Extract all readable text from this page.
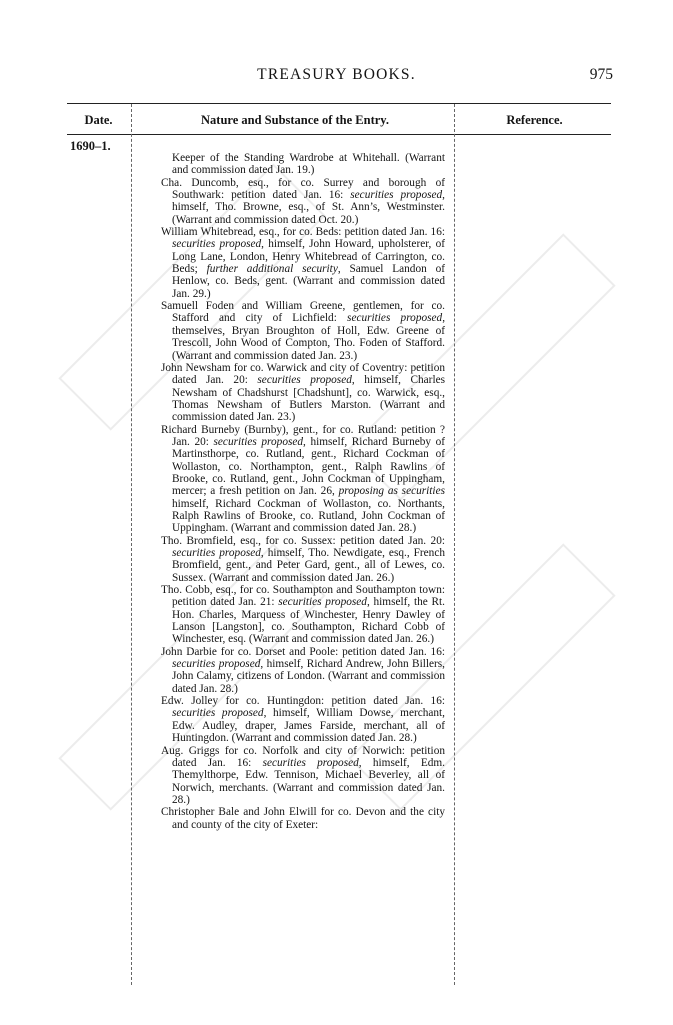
TREASURY BOOKS.	975
Date.	Nature and Substance of the Entry.	Reference.
1690–1.

Keeper of the Standing Wardrobe at Whitehall. (Warrant and commission dated Jan. 19.)

Cha. Duncomb, esq., for co. Surrey and borough of Southwark: petition dated Jan. 16: securities proposed, himself, Tho. Browne, esq., of St. Ann’s, Westminster. (Warrant and commission dated Oct. 20.)

William Whitebread, esq., for co. Beds: petition dated Jan. 16: securities proposed, himself, John Howard, upholsterer, of Long Lane, London, Henry Whitebread of Carrington, co. Beds; further additional security, Samuel Landon of Henlow, co. Beds, gent. (Warrant and commission dated Jan. 29.)

Samuell Foden and William Greene, gentlemen, for co. Stafford and city of Lichfield: securities proposed, themselves, Bryan Broughton of Holl, Edw. Greene of Trescoll, John Wood of Compton, Tho. Foden of Stafford. (Warrant and commission dated Jan. 23.)

John Newsham for co. Warwick and city of Coventry: petition dated Jan. 20: securities proposed, himself, Charles Newsham of Chadshurst [Chadshunt], co. Warwick, esq., Thomas Newsham of Butlers Marston. (Warrant and commission dated Jan. 23.)

Richard Burneby (Burnby), gent., for co. Rutland: petition ? Jan. 20: securities proposed, himself, Richard Burneby of Martinsthorpe, co. Rutland, gent., Richard Cockman of Wollaston, co. Northampton, gent., Ralph Rawlins of Brooke, co. Rutland, gent., John Cockman of Uppingham, mercer; a fresh petition on Jan. 26, proposing as securities himself, Richard Cockman of Wollaston, co. Northants, Ralph Rawlins of Brooke, co. Rutland, John Cockman of Uppingham. (Warrant and commission dated Jan. 28.)

Tho. Bromfield, esq., for co. Sussex: petition dated Jan. 20: securities proposed, himself, Tho. Newdigate, esq., French Bromfield, gent., and Peter Gard, gent., all of Lewes, co. Sussex. (Warrant and commission dated Jan. 26.)

Tho. Cobb, esq., for co. Southampton and Southampton town: petition dated Jan. 21: securities proposed, himself, the Rt. Hon. Charles, Marquess of Winchester, Henry Dawley of Lanson [Langston], co. Southampton, Richard Cobb of Winchester, esq. (Warrant and commission dated Jan. 26.)

John Darbie for co. Dorset and Poole: petition dated Jan. 16: securities proposed, himself, Richard Andrew, John Billers, John Calamy, citizens of London. (Warrant and commission dated Jan. 28.)

Edw. Jolley for co. Huntingdon: petition dated Jan. 16: securities proposed, himself, William Dowse, merchant, Edw. Audley, draper, James Farside, merchant, all of Huntingdon. (Warrant and commission dated Jan. 28.)

Aug. Griggs for co. Norfolk and city of Norwich: petition dated Jan. 16: securities proposed, himself, Edm. Themylthorpe, Edw. Tennison, Michael Beverley, all of Norwich, merchants. (Warrant and commission dated Jan. 28.)

Christopher Bale and John Elwill for co. Devon and the city and county of the city of Exeter:
